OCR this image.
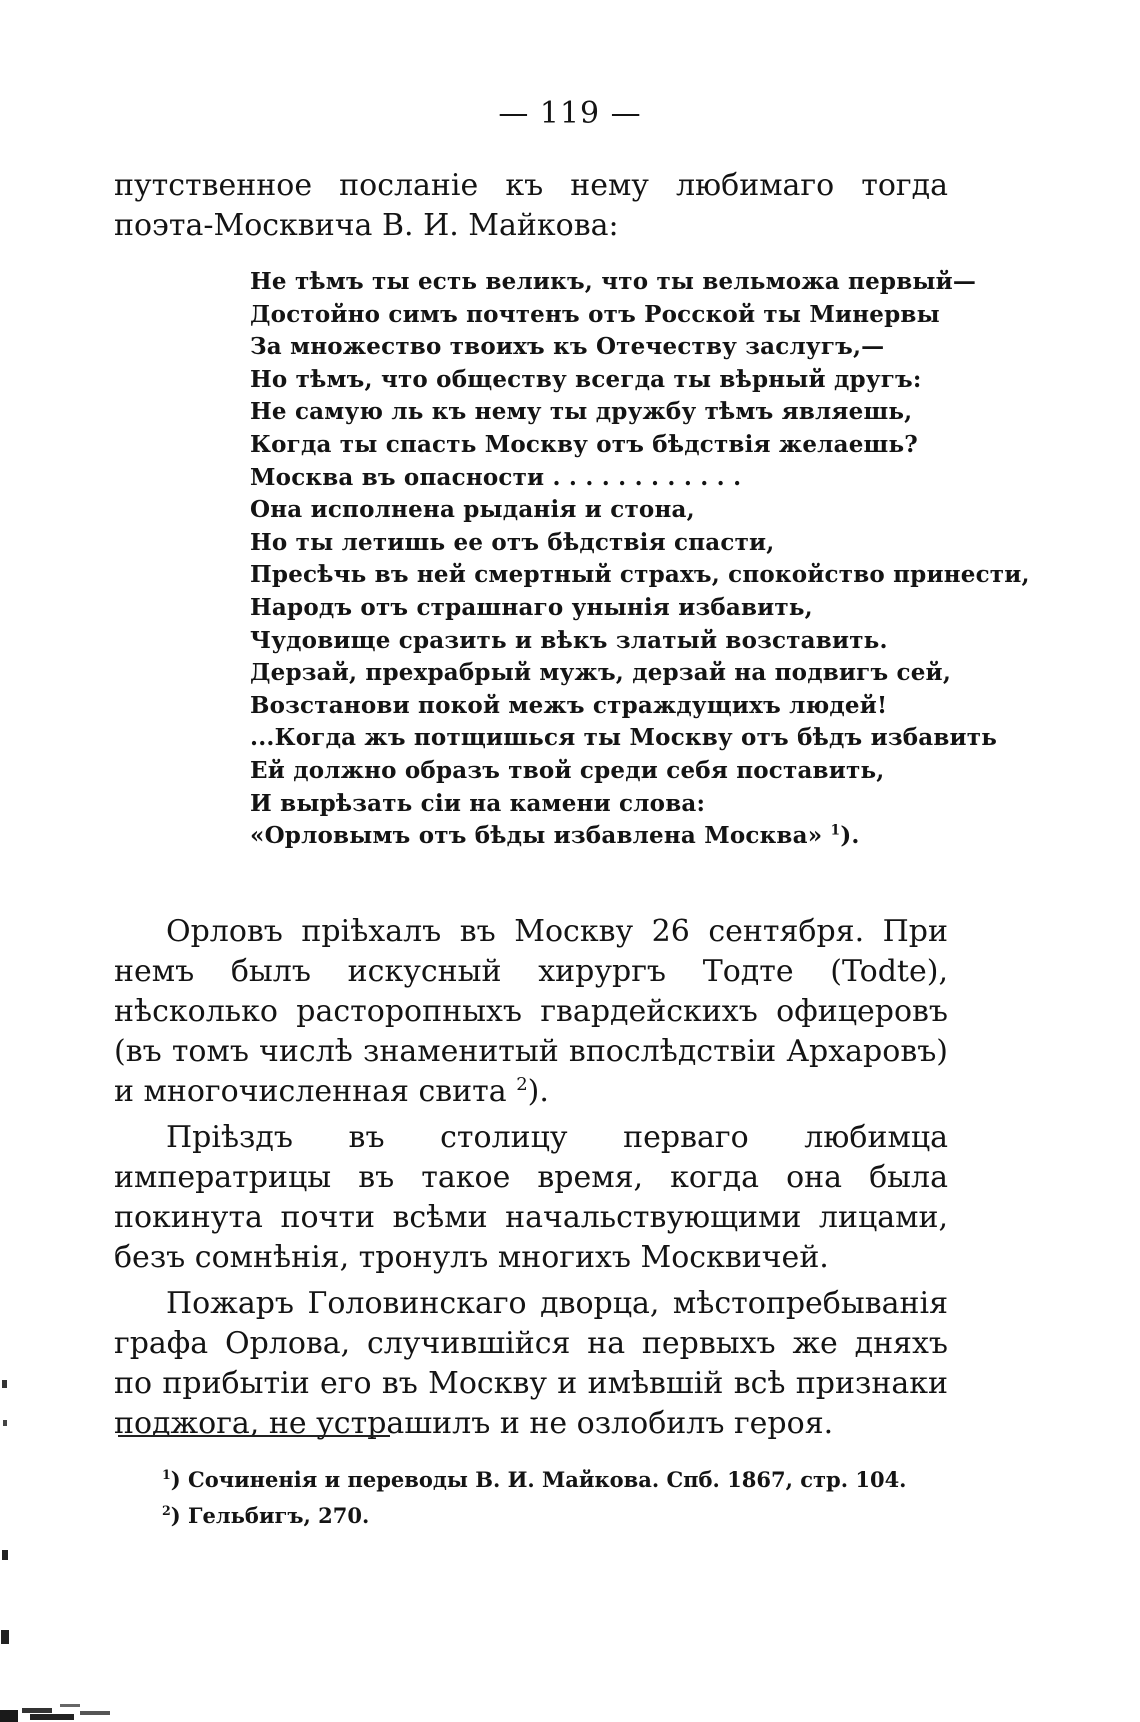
— 119 —

путственное посланіе къ нему любимаго тогда поэта-Москвича В. И. Майкова:

Не тѣмъ ты есть великъ, что ты вельможа первый—
Достойно симъ почтенъ отъ Росской ты Минервы
За множество твоихъ къ Отечеству заслугъ,—
Но тѣмъ, что обществу всегда ты вѣрный другъ:
Не самую ль къ нему ты дружбу тѣмъ являешь,
Когда ты спасть Москву отъ бѣдствія желаешь?
Москва въ опасности . . . . . . . . . . . .
Она исполнена рыданія и стона,
Но ты летишь ее отъ бѣдствія спасти,
Пресѣчь въ ней смертный страхъ, спокойство принести,
Народъ отъ страшнаго унынія избавить,
Чудовище сразить и вѣкъ златый возставить.
Дерзай, прехрабрый мужъ, дерзай на подвигъ сей,
Возстанови покой межъ страждущихъ людей!
...Когда жъ потщишься ты Москву отъ бѣдъ избавить
Ей должно образъ твой среди себя поставить,
И вырѣзать сіи на камени слова:
«Орловымъ отъ бѣды избавлена Москва» $^1$).

Орловъ пріѣхалъ въ Москву 26 сентября. При немъ былъ искусный хирургъ Тодте (Todte), нѣсколько расторопныхъ гвардейскихъ офицеровъ (въ томъ числѣ знаменитый впослѣдствіи Архаровъ) и многочисленная свита $^2$).

Пріѣздъ въ столицу перваго любимца императрицы въ такое время, когда она была покинута почти всѣми начальствующими лицами, безъ сомнѣнія, тронулъ многихъ Москвичей.

Пожаръ Головинскаго дворца, мѣстопребыванія графа Орлова, случившійся на первыхъ же дняхъ по прибытіи его въ Москву и имѣвшій всѣ признаки поджога, не устрашилъ и не озлобилъ героя.

$^1$) Сочиненія и переводы В. И. Майкова. Спб. 1867, стр. 104.
$^2$) Гельбигъ, 270.
